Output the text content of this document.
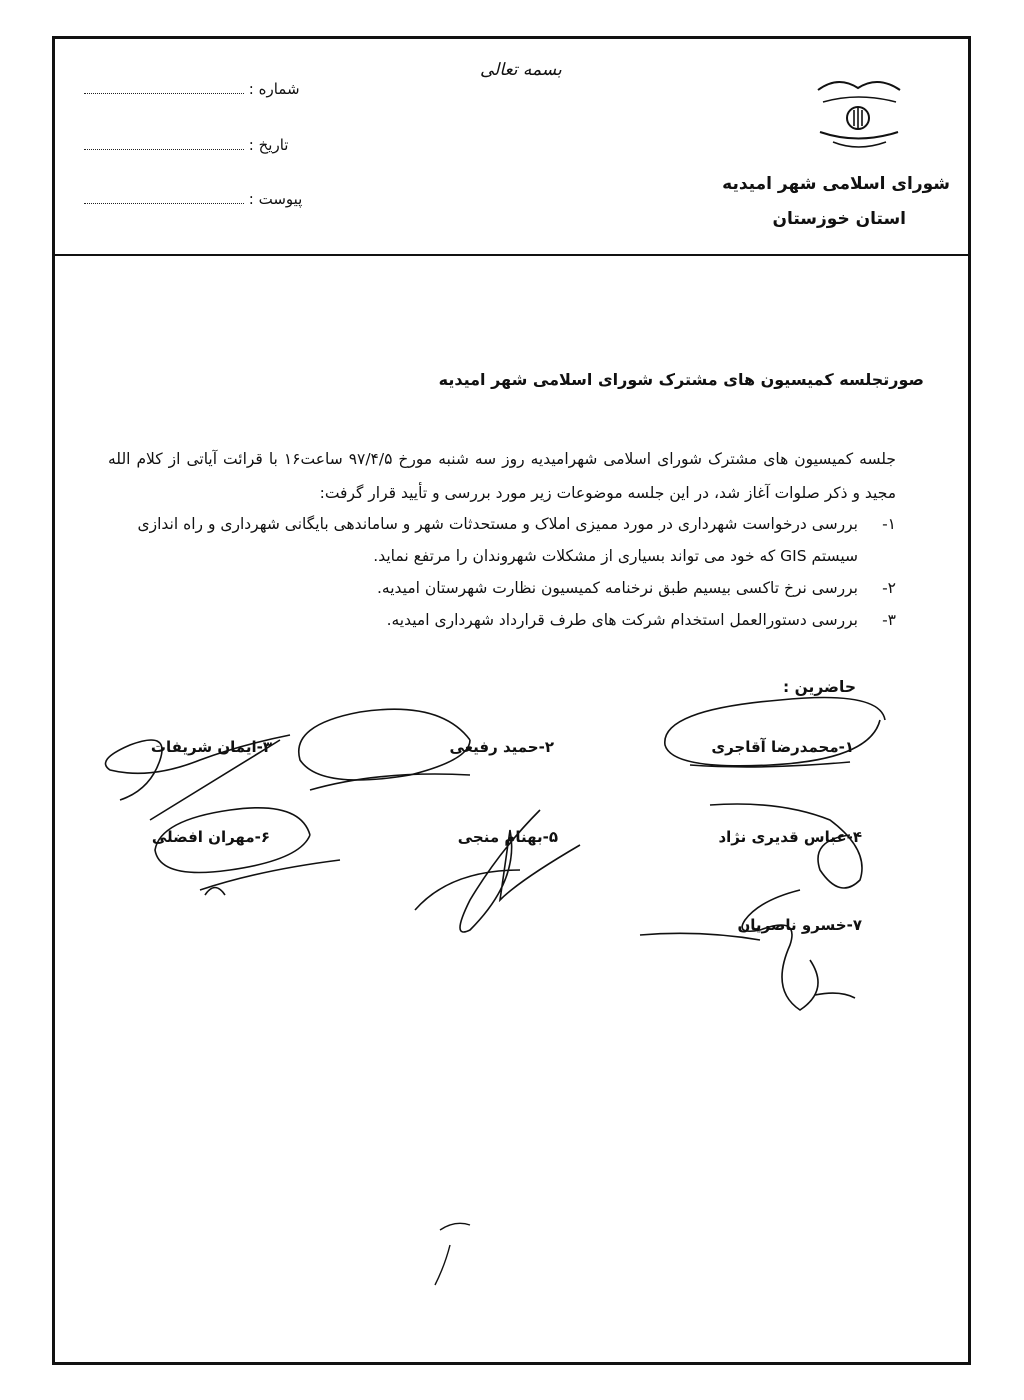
شماره :
تاریخ :
پیوست :
بسمه تعالی
شورای اسلامی شهر امیدیه
استان خوزستان
صورتجلسه کمیسیون های مشترک شورای اسلامی شهر امیدیه
جلسه کمیسیون های مشترک شورای اسلامی شهرامیدیه روز سه شنبه مورخ ۹۷/۴/۵ ساعت۱۶ با قرائت آیاتی از کلام الله مجید و ذکر صلوات آغاز شد، در این جلسه موضوعات زیر مورد بررسی و تأیید قرار گرفت:
۱-
بررسی درخواست شهرداری در مورد ممیزی املاک و مستحدثات شهر و ساماندهی بایگانی شهرداری و راه اندازی سیستم GIS که خود می تواند بسیاری از مشکلات شهروندان را مرتفع نماید.
۲-
بررسی نرخ تاکسی بیسیم طبق نرخنامه کمیسیون نظارت شهرستان امیدیه.
۳-
بررسی دستورالعمل استخدام شرکت های طرف قرارداد شهرداری امیدیه.
حاضرین :
۱-محمدرضا آقاجری
۲-حمید رفیعی
۳-ایمان شریفات
۴-عباس قدیری نژاد
۵-بهنام منجی
۶-مهران افضلی
۷-خسرو ناصریان
